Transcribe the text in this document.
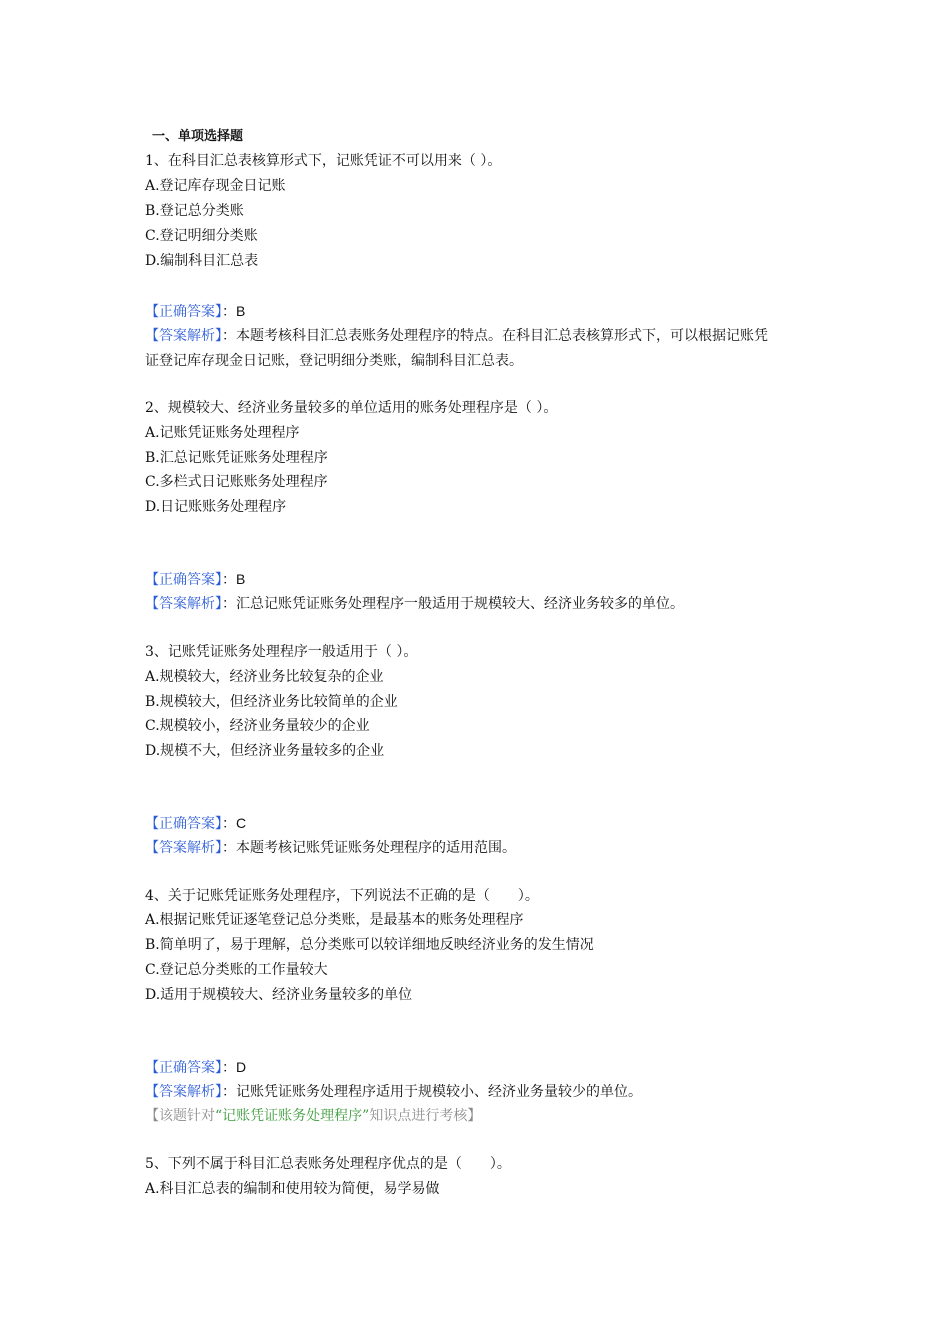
一、单项选择题
1、在科目汇总表核算形式下，记账凭证不可以用来（ ）。
A.登记库存现金日记账
B.登记总分类账
C.登记明细分类账
D.编制科目汇总表
【正确答案】：B
【答案解析】：本题考核科目汇总表账务处理程序的特点。在科目汇总表核算形式下，可以根据记账凭
证登记库存现金日记账，登记明细分类账，编制科目汇总表。
2、规模较大、经济业务量较多的单位适用的账务处理程序是（ ）。
A.记账凭证账务处理程序
B.汇总记账凭证账务处理程序
C.多栏式日记账账务处理程序
D.日记账账务处理程序
【正确答案】：B
【答案解析】：汇总记账凭证账务处理程序一般适用于规模较大、经济业务较多的单位。
3、记账凭证账务处理程序一般适用于（ ）。
A.规模较大，经济业务比较复杂的企业
B.规模较大，但经济业务比较简单的企业
C.规模较小，经济业务量较少的企业
D.规模不大，但经济业务量较多的企业
【正确答案】：C
【答案解析】：本题考核记账凭证账务处理程序的适用范围。
4、关于记账凭证账务处理程序，下列说法不正确的是（　　）。
A.根据记账凭证逐笔登记总分类账，是最基本的账务处理程序
B.简单明了，易于理解，总分类账可以较详细地反映经济业务的发生情况
C.登记总分类账的工作量较大
D.适用于规模较大、经济业务量较多的单位
【正确答案】：D
【答案解析】：记账凭证账务处理程序适用于规模较小、经济业务量较少的单位。
【该题针对“记账凭证账务处理程序”知识点进行考核】
5、下列不属于科目汇总表账务处理程序优点的是（　　）。
A.科目汇总表的编制和使用较为简便，易学易做
